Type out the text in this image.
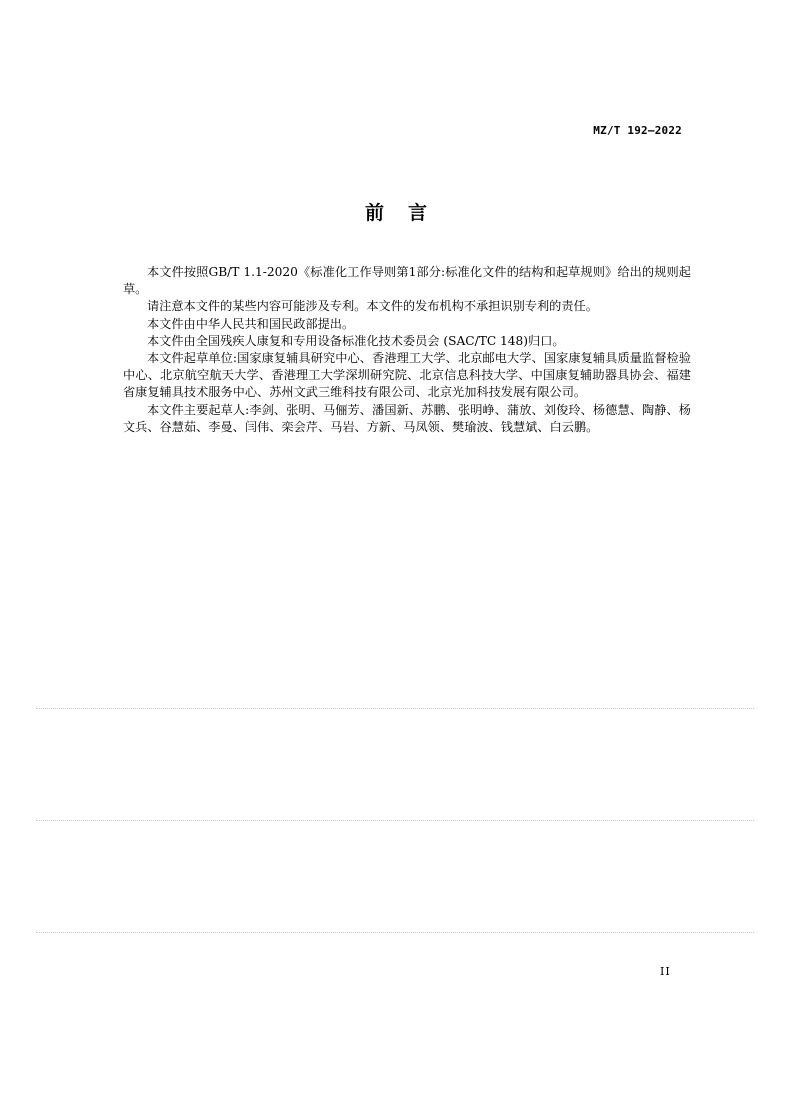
MZ/T 192—2022
前言

本文件按照GB/T 1.1-2020《标准化工作导则第1部分:标准化文件的结构和起草规则》给出的规则起草。

请注意本文件的某些内容可能涉及专利。本文件的发布机构不承担识别专利的责任。

本文件由中华人民共和国民政部提出。

本文件由全国残疾人康复和专用设备标准化技术委员会 (SAC/TC 148)归口。

本文件起草单位:国家康复辅具研究中心、香港理工大学、北京邮电大学、国家康复辅具质量监督检验中心、北京航空航天大学、香港理工大学深圳研究院、北京信息科技大学、中国康复辅助器具协会、福建省康复辅具技术服务中心、苏州文武三维科技有限公司、北京光加科技发展有限公司。

本文件主要起草人:李剑、张明、马俪芳、潘国新、苏鹏、张明峥、蒲放、刘俊玲、杨德慧、陶静、杨文兵、谷慧茹、李曼、闫伟、栾会芹、马岩、方新、马凤领、樊瑜波、钱慧斌、白云鹏。

II
